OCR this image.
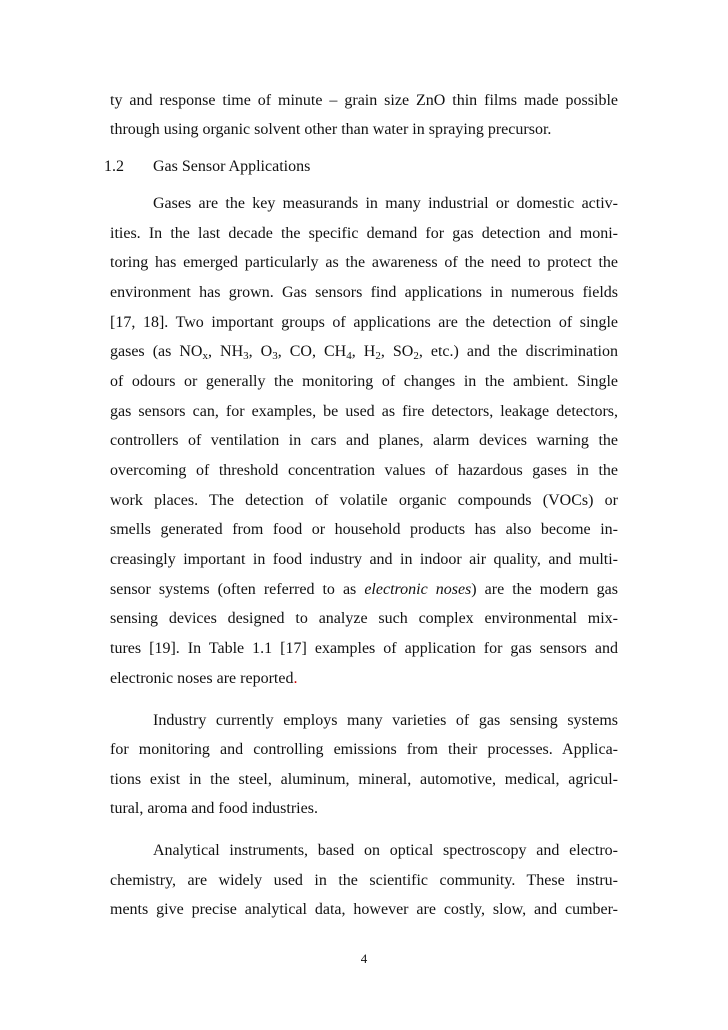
ty and response time of minute – grain size ZnO thin films made possible
through using organic solvent other than water in spraying precursor.
1.2 Gas Sensor Applications
Gases are the key measurands in many industrial or domestic activ-
ities. In the last decade the specific demand for gas detection and moni-
toring has emerged particularly as the awareness of the need to protect the
environment has grown. Gas sensors find applications in numerous fields
[17, 18]. Two important groups of applications are the detection of single
gases (as $NO_x$, $NH_3$, $O_3$, CO, $CH_4$, $H_2$, $SO_2$, etc.) and the discrimination
of odours or generally the monitoring of changes in the ambient. Single
gas sensors can, for examples, be used as fire detectors, leakage detectors,
controllers of ventilation in cars and planes, alarm devices warning the
overcoming of threshold concentration values of hazardous gases in the
work places. The detection of volatile organic compounds (VOCs) or
smells generated from food or household products has also become in-
creasingly important in food industry and in indoor air quality, and multi-
sensor systems (often referred to as electronic noses) are the modern gas
sensing devices designed to analyze such complex environmental mix-
tures [19]. In Table 1.1 [17] examples of application for gas sensors and
electronic noses are reported.
Industry currently employs many varieties of gas sensing systems
for monitoring and controlling emissions from their processes. Applica-
tions exist in the steel, aluminum, mineral, automotive, medical, agricul-
tural, aroma and food industries.
Analytical instruments, based on optical spectroscopy and electro-
chemistry, are widely used in the scientific community. These instru-
ments give precise analytical data, however are costly, slow, and cumber-
4
